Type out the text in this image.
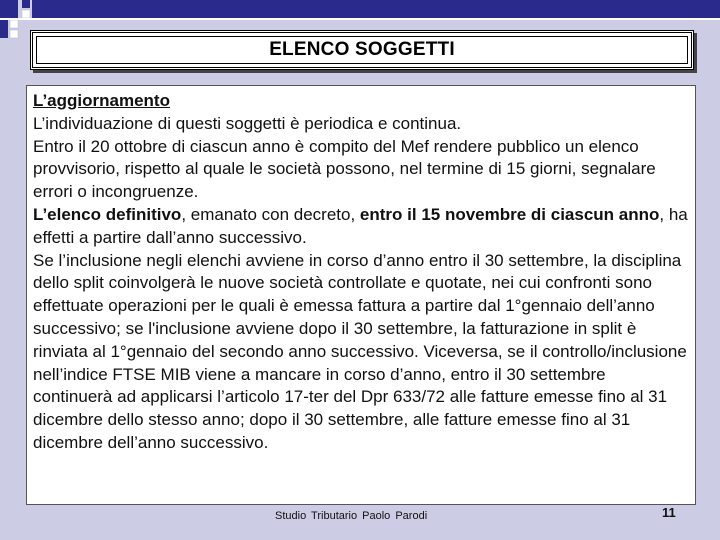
ELENCO SOGGETTI

L’aggiornamento

L’individuazione di questi soggetti è periodica e continua.

Entro il 20 ottobre di ciascun anno è compito del Mef rendere pubblico un elenco provvisorio, rispetto al quale le società possono, nel termine di 15 giorni, segnalare errori o incongruenze.

L’elenco definitivo, emanato con decreto, entro il 15 novembre di ciascun anno, ha effetti a partire dall’anno successivo.

Se l’inclusione negli elenchi avviene in corso d’anno entro il 30 settembre, la disciplina dello split coinvolgerà le nuove società controllate e quotate, nei cui confronti sono effettuate operazioni per le quali è emessa fattura a partire dal 1°gennaio dell’anno successivo; se l'inclusione avviene dopo il 30 settembre, la fatturazione in split è rinviata al 1°gennaio del secondo anno successivo. Viceversa, se il controllo/inclusione nell’indice FTSE MIB viene a mancare in corso d’anno, entro il 30 settembre continuerà ad applicarsi l’articolo 17-ter del Dpr 633/72 alle fatture emesse fino al 31 dicembre dello stesso anno; dopo il 30 settembre, alle fatture emesse fino al 31 dicembre dell’anno successivo.

Studio Tributario Paolo Parodi	11
